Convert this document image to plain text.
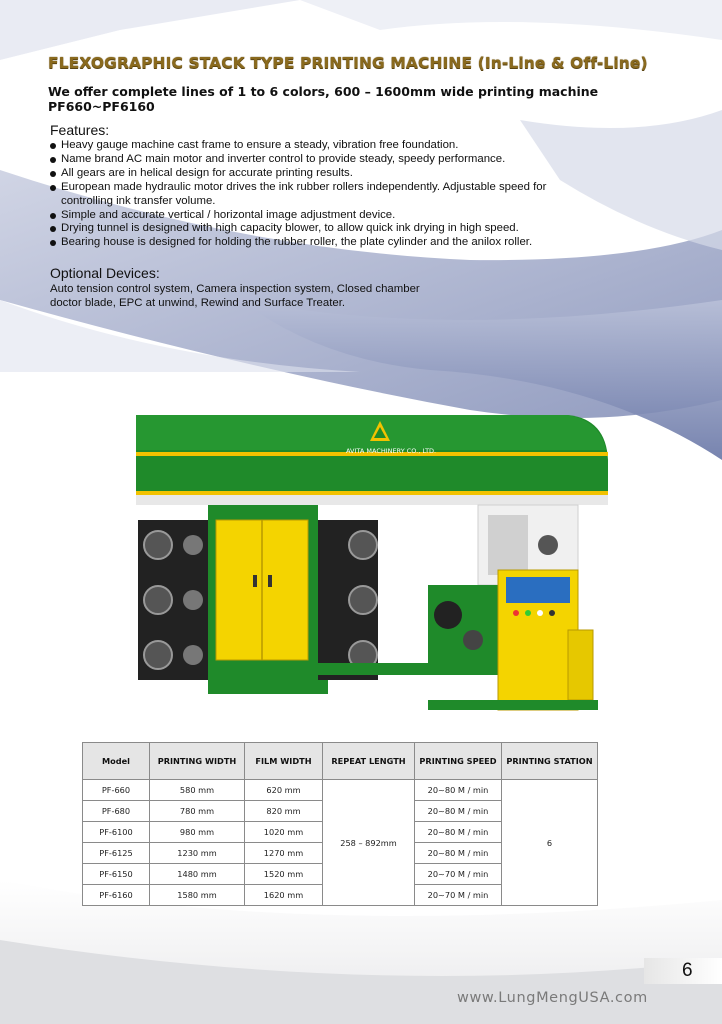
FLEXOGRAPHIC STACK TYPE PRINTING MACHINE (In-Line & Off-Line)
We offer complete lines of 1 to 6 colors, 600 – 1600mm wide printing machine
PF660~PF6160
Features:
Heavy gauge machine cast frame to ensure a steady, vibration free foundation.
Name brand AC main motor and inverter control to provide steady, speedy performance.
All gears are in helical design for accurate printing results.
European made hydraulic motor drives the ink rubber rollers independently. Adjustable speed for controlling ink transfer volume.
Simple and accurate vertical / horizontal image adjustment device.
Drying tunnel is designed with high capacity blower, to allow quick ink drying in high speed.
Bearing house is designed for holding the rubber roller, the plate cylinder and the anilox roller.
Optional Devices:
Auto tension control system, Camera inspection system, Closed chamber
doctor blade, EPC at unwind, Rewind and Surface Treater.
AVITA MACHINERY CO., LTD.
Model	PRINTING WIDTH	FILM WIDTH	REPEAT LENGTH	PRINTING SPEED	PRINTING STATION
PF-660	580 mm	620 mm	258 – 892mm	20~80 M / min	6
PF-680	780 mm	820 mm		20~80 M / min	
PF-6100	980 mm	1020 mm		20~80 M / min	
PF-6125	1230 mm	1270 mm		20~80 M / min	
PF-6150	1480 mm	1520 mm		20~70 M / min	
PF-6160	1580 mm	1620 mm		20~70 M / min	
6
www.LungMengUSA.com
